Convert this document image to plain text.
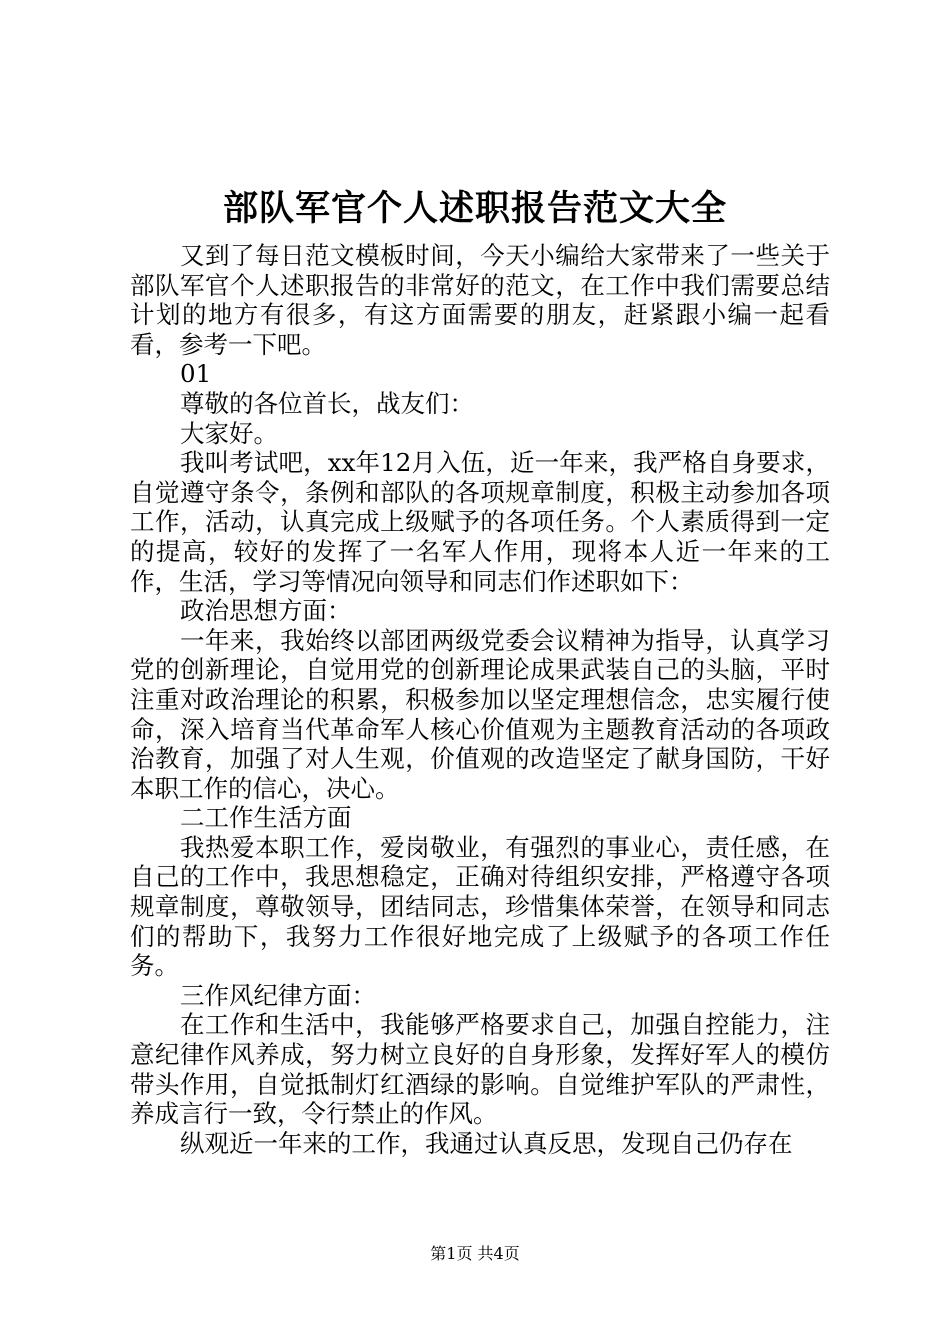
部队军官个人述职报告范文大全

又到了每日范文模板时间，今天小编给大家带来了一些关于部队军官个人述职报告的非常好的范文，在工作中我们需要总结计划的地方有很多，有这方面需要的朋友，赶紧跟小编一起看看，参考一下吧。

01

尊敬的各位首长，战友们：

大家好。

我叫考试吧，xx年12月入伍，近一年来，我严格自身要求，自觉遵守条令，条例和部队的各项规章制度，积极主动参加各项工作，活动，认真完成上级赋予的各项任务。个人素质得到一定的提高，较好的发挥了一名军人作用，现将本人近一年来的工作，生活，学习等情况向领导和同志们作述职如下：

政治思想方面：

一年来，我始终以部团两级党委会议精神为指导，认真学习党的创新理论，自觉用党的创新理论成果武装自己的头脑，平时注重对政治理论的积累，积极参加以坚定理想信念，忠实履行使命，深入培育当代革命军人核心价值观为主题教育活动的各项政治教育，加强了对人生观，价值观的改造坚定了献身国防，干好本职工作的信心，决心。

二工作生活方面

我热爱本职工作，爱岗敬业，有强烈的事业心，责任感，在自己的工作中，我思想稳定，正确对待组织安排，严格遵守各项规章制度，尊敬领导，团结同志，珍惜集体荣誉，在领导和同志们的帮助下，我努力工作很好地完成了上级赋予的各项工作任务。

三作风纪律方面：

在工作和生活中，我能够严格要求自己，加强自控能力，注意纪律作风养成，努力树立良好的自身形象，发挥好军人的模仿带头作用，自觉抵制灯红酒绿的影响。自觉维护军队的严肃性，养成言行一致，令行禁止的作风。

纵观近一年来的工作，我通过认真反思，发现自己仍存在

第1页 共4页
